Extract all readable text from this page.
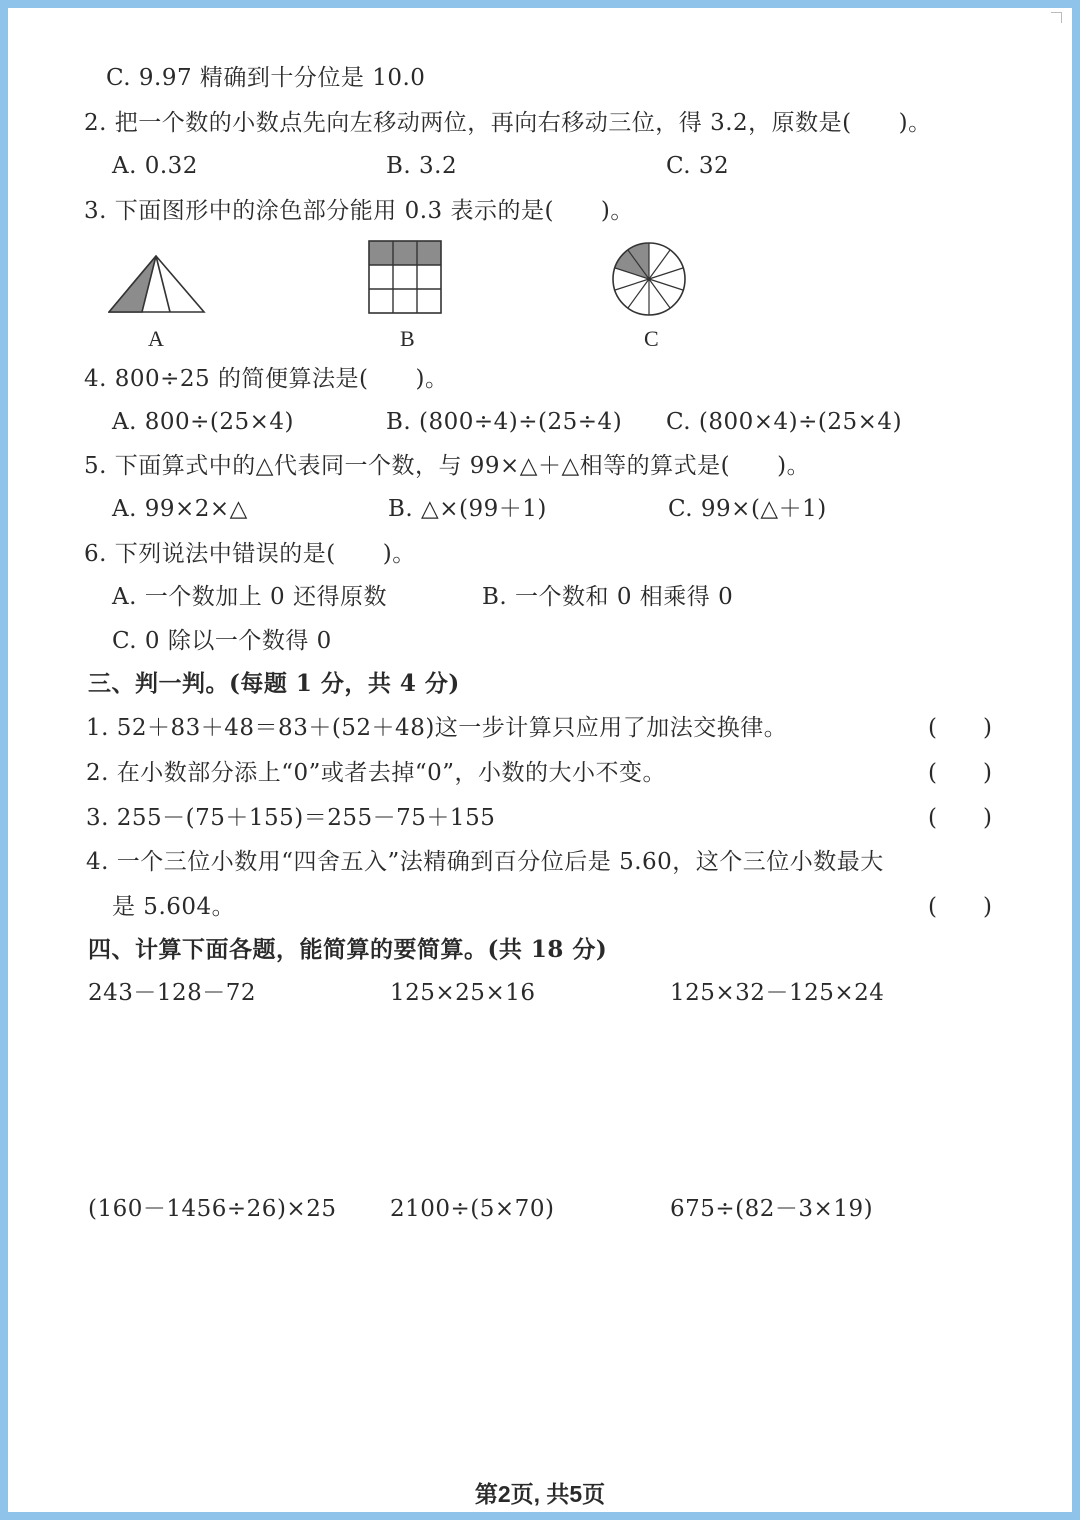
C. 9.97 精确到十分位是 10.0
2. 把一个数的小数点先向左移动两位，再向右移动三位，得 3.2，原数是(　　)。
A. 0.32	B. 3.2	C. 32
3. 下面图形中的涂色部分能用 0.3 表示的是(　　)。
A	B	C
4. 800÷25 的简便算法是(　　)。
A. 800÷(25×4)	B. (800÷4)÷(25÷4) C. (800×4)÷(25×4)
5. 下面算式中的△代表同一个数，与 99×△＋△相等的算式是(　　)。
A. 99×2×△	B. △×(99＋1)	C. 99×(△＋1)
6. 下列说法中错误的是(　　)。
A. 一个数加上 0 还得原数	B. 一个数和 0 相乘得 0
C. 0 除以一个数得 0
三、判一判。(每题 1 分，共 4 分)
1. 52＋83＋48＝83＋(52＋48)这一步计算只应用了加法交换律。	(　　)
2. 在小数部分添上“0”或者去掉“0”，小数的大小不变。	(　　)
3. 255－(75＋155)＝255－75＋155	(　　)
4. 一个三位小数用“四舍五入”法精确到百分位后是 5.60，这个三位小数最大
是 5.604。	(　　)
四、计算下面各题，能简算的要简算。(共 18 分)
243－128－72	125×25×16	125×32－125×24
(160－1456÷26)×25 2100÷(5×70)	675÷(82－3×19)
第2页, 共5页
